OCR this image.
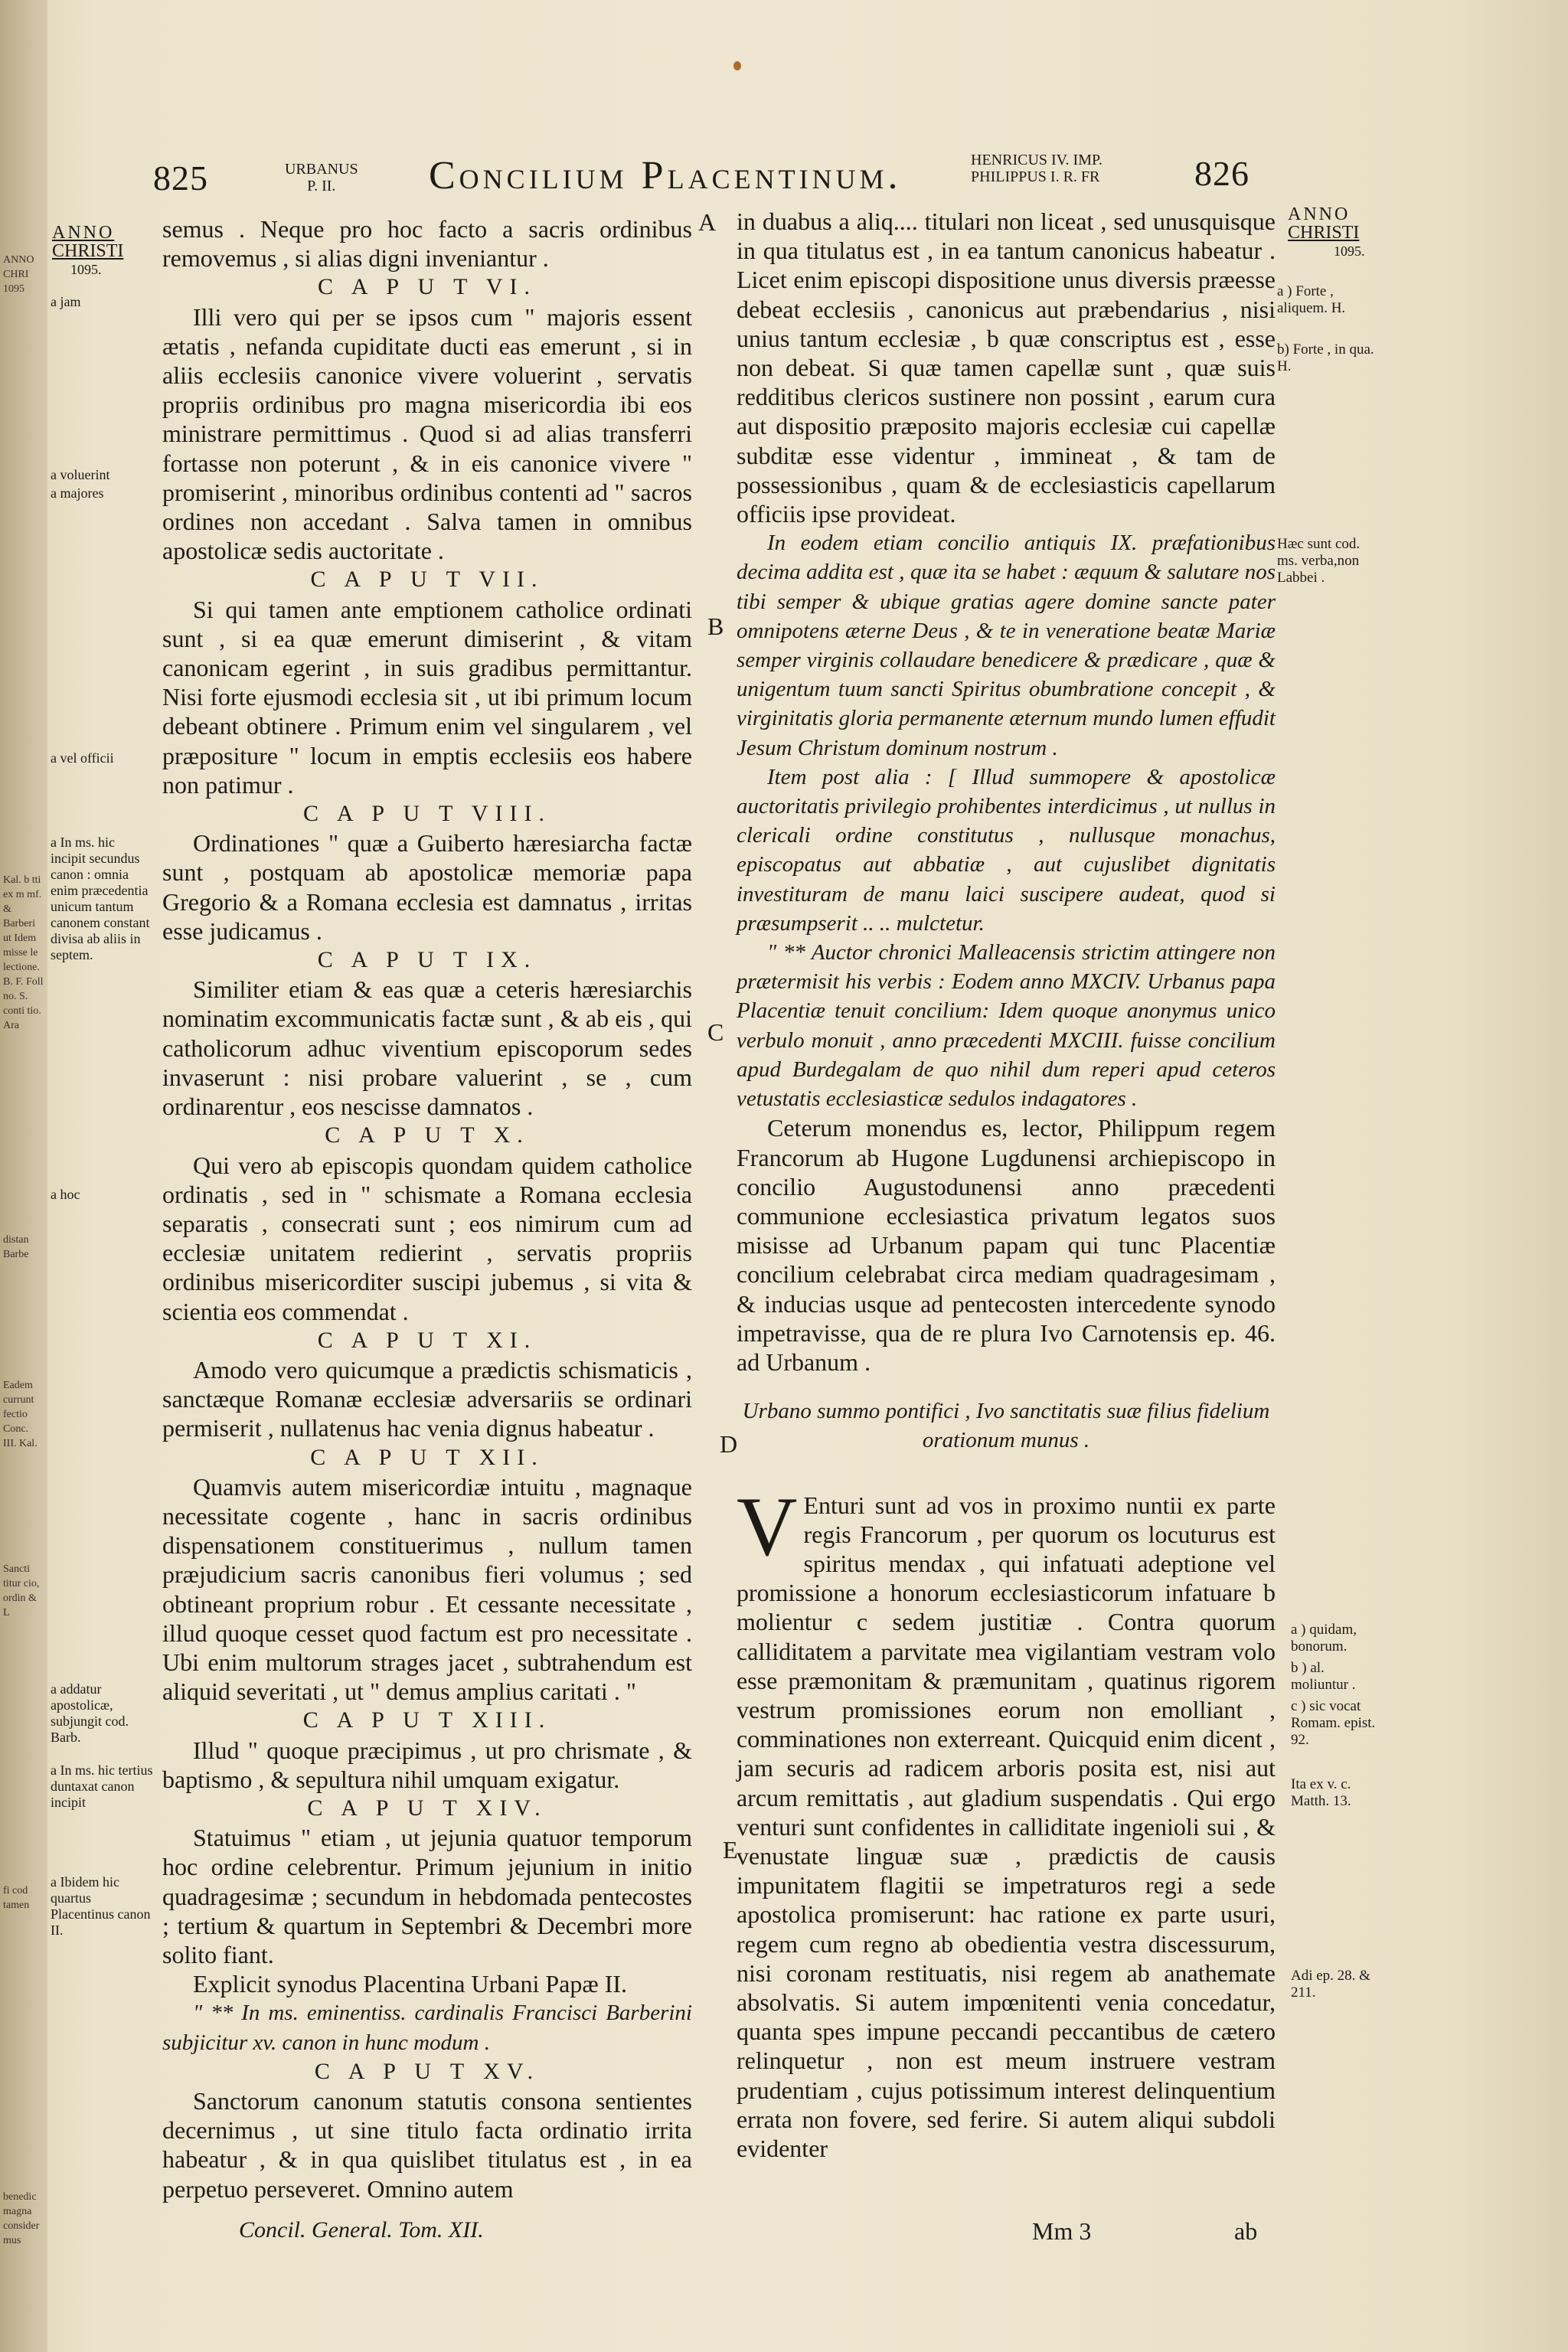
ANNO CHRI 1095
Kal. b tti ex m mf. & Barberi ut Idem misse le lectione. B. F. Foll no. S. conti tio. Ara
distan Barbe
Eadem currunt fectio Conc. III. Kal.
Sancti titur cio, ordin & L
fi cod tamen
benedic magna consider mus
825	URBANUS
P. II.	Concilium Placentinum.	HENRICUS IV. IMP.
PHILIPPUS I. R. FR	826
ANNO
CHRISTI
1095.
ANNO
CHRISTI
1095.
A
B
C
D
E
a jam
a voluerint
a majores
a vel officii
a In ms. hic incipit secundus canon : omnia enim præcedentia unicum tantum canonem constant divisa ab aliis in septem.
a hoc
a addatur apostolicæ, subjungit cod. Barb.
a In ms. hic tertius duntaxat canon incipit
a Ibidem hic quartus Placentinus canon II.
a ) Forte , aliquem. H.
b) Forte , in qua. H.
Hæc sunt cod. ms. verba,non Labbei .
a ) quidam, bonorum.
b ) al. moliuntur .
c ) sic vocat Romam. epist. 92.
Ita ex v. c. Matth. 13.
Adi ep. 28. & 211.

semus . Neque pro hoc facto a sacris ordinibus removemus , si alias digni inveniantur .

C A P U T VI.

Illi vero qui per se ipsos cum " majoris essent ætatis , nefanda cupiditate ducti eas emerunt , si in aliis ecclesiis canonice vivere voluerint , servatis propriis ordinibus pro magna misericordia ibi eos ministrare permittimus . Quod si ad alias transferri fortasse non poterunt , & in eis canonice vivere " promiserint , minoribus ordinibus contenti ad " sacros ordines non accedant . Salva tamen in omnibus apostolicæ sedis auctoritate .

C A P U T VII.

Si qui tamen ante emptionem catholice ordinati sunt , si ea quæ emerunt dimiserint , & vitam canonicam egerint , in suis gradibus permittantur. Nisi forte ejusmodi ecclesia sit , ut ibi primum locum debeant obtinere . Primum enim vel singularem , vel præpositure " locum in emptis ecclesiis eos habere non patimur .

C A P U T VIII.

Ordinationes " quæ a Guiberto hæresiarcha factæ sunt , postquam ab apostolicæ memoriæ papa Gregorio & a Romana ecclesia est damnatus , irritas esse judicamus .

C A P U T IX.

Similiter etiam & eas quæ a ceteris hæresiarchis nominatim excommunicatis factæ sunt , & ab eis , qui catholicorum adhuc viventium episcoporum sedes invaserunt : nisi probare valuerint , se , cum ordinarentur , eos nescisse damnatos .

C A P U T X.

Qui vero ab episcopis quondam quidem catholice ordinatis , sed in " schismate a Romana ecclesia separatis , consecrati sunt ; eos nimirum cum ad ecclesiæ unitatem redierint , servatis propriis ordinibus misericorditer suscipi jubemus , si vita & scientia eos commendat .

C A P U T XI.

Amodo vero quicumque a prædictis schismaticis , sanctæque Romanæ ecclesiæ adversariis se ordinari permiserit , nullatenus hac venia dignus habeatur .

C A P U T XII.

Quamvis autem misericordiæ intuitu , magnaque necessitate cogente , hanc in sacris ordinibus dispensationem constituerimus , nullum tamen præjudicium sacris canonibus fieri volumus ; sed obtineant proprium robur . Et cessante necessitate , illud quoque cesset quod factum est pro necessitate . Ubi enim multorum strages jacet , subtrahendum est aliquid severitati , ut " demus amplius caritati . "

C A P U T XIII.

Illud " quoque præcipimus , ut pro chrismate , & baptismo , & sepultura nihil umquam exigatur.

C A P U T XIV.

Statuimus " etiam , ut jejunia quatuor temporum hoc ordine celebrentur. Primum jejunium in initio quadragesimæ ; secundum in hebdomada pentecostes ; tertium & quartum in Septembri & Decembri more solito fiant.

Explicit synodus Placentina Urbani Papæ II.

" ** In ms. eminentiss. cardinalis Francisci Barberini subjicitur xv. canon in hunc modum .

C A P U T XV.

Sanctorum canonum statutis consona sentientes decernimus , ut sine titulo facta ordinatio irrita habeatur , & in qua quislibet titulatus est , in ea perpetuo perseveret. Omnino autem

Concil. General. Tom. XII.

in duabus a aliq.... titulari non liceat , sed unusquisque in qua titulatus est , in ea tantum canonicus habeatur . Licet enim episcopi dispositione unus diversis præesse debeat ecclesiis , canonicus aut præbendarius , nisi unius tantum ecclesiæ , b quæ conscriptus est , esse non debeat. Si quæ tamen capellæ sunt , quæ suis redditibus clericos sustinere non possint , earum cura aut dispositio præposito majoris ecclesiæ cui capellæ subditæ esse videntur , immineat , & tam de possessionibus , quam & de ecclesiasticis capellarum officiis ipse provideat.

In eodem etiam concilio antiquis IX. præfationibus decima addita est , quæ ita se habet : æquum & salutare nos tibi semper & ubique gratias agere domine sancte pater omnipotens æterne Deus , & te in veneratione beatæ Mariæ semper virginis collaudare benedicere & prædicare , quæ & unigentum tuum sancti Spiritus obumbratione concepit , & virginitatis gloria permanente æternum mundo lumen effudit Jesum Christum dominum nostrum .

Item post alia : [ Illud summopere & apostolicæ auctoritatis privilegio prohibentes interdicimus , ut nullus in clericali ordine constitutus , nullusque monachus, episcopatus aut abbatiæ , aut cujuslibet dignitatis investituram de manu laici suscipere audeat, quod si præsumpserit .. .. mulctetur.

" ** Auctor chronici Malleacensis strictim attingere non prætermisit his verbis : Eodem anno MXCIV. Urbanus papa Placentiæ tenuit concilium: Idem quoque anonymus unico verbulo monuit , anno præcedenti MXCIII. fuisse concilium apud Burdegalam de quo nihil dum reperi apud ceteros vetustatis ecclesiasticæ sedulos indagatores .

Ceterum monendus es, lector, Philippum regem Francorum ab Hugone Lugdunensi archiepiscopo in concilio Augustodunensi anno præcedenti communione ecclesiastica privatum legatos suos misisse ad Urbanum papam qui tunc Placentiæ concilium celebrabat circa mediam quadragesimam , & inducias usque ad pentecosten intercedente synodo impetravisse, qua de re plura Ivo Carnotensis ep. 46. ad Urbanum .

Urbano summo pontifici , Ivo sanctitatis suæ filius fidelium orationum munus .

V Enturi sunt ad vos in proximo nuntii ex parte regis Francorum , per quorum os locuturus est spiritus mendax , qui infatuati adeptione vel promissione a honorum ecclesiasticorum infatuare b molientur c sedem justitiæ . Contra quorum calliditatem a parvitate mea vigilantiam vestram volo esse præmonitam & præmunitam , quatinus rigorem vestrum promissiones eorum non emolliant , comminationes non exterreant. Quicquid enim dicent , jam securis ad radicem arboris posita est, nisi aut arcum remittatis , aut gladium suspendatis . Qui ergo venturi sunt confidentes in calliditate ingenioli sui , & venustate linguæ suæ , prædictis de causis impunitatem flagitii se impetraturos regi a sede apostolica promiserunt: hac ratione ex parte usuri, regem cum regno ab obedientia vestra discessurum, nisi coronam restituatis, nisi regem ab anathemate absolvatis. Si autem impœnitenti venia concedatur, quanta spes impune peccandi peccantibus de cætero relinquetur , non est meum instruere vestram prudentiam , cujus potissimum interest delinquentium errata non fovere, sed ferire. Si autem aliqui subdoli evidenter

Mm 3	ab
